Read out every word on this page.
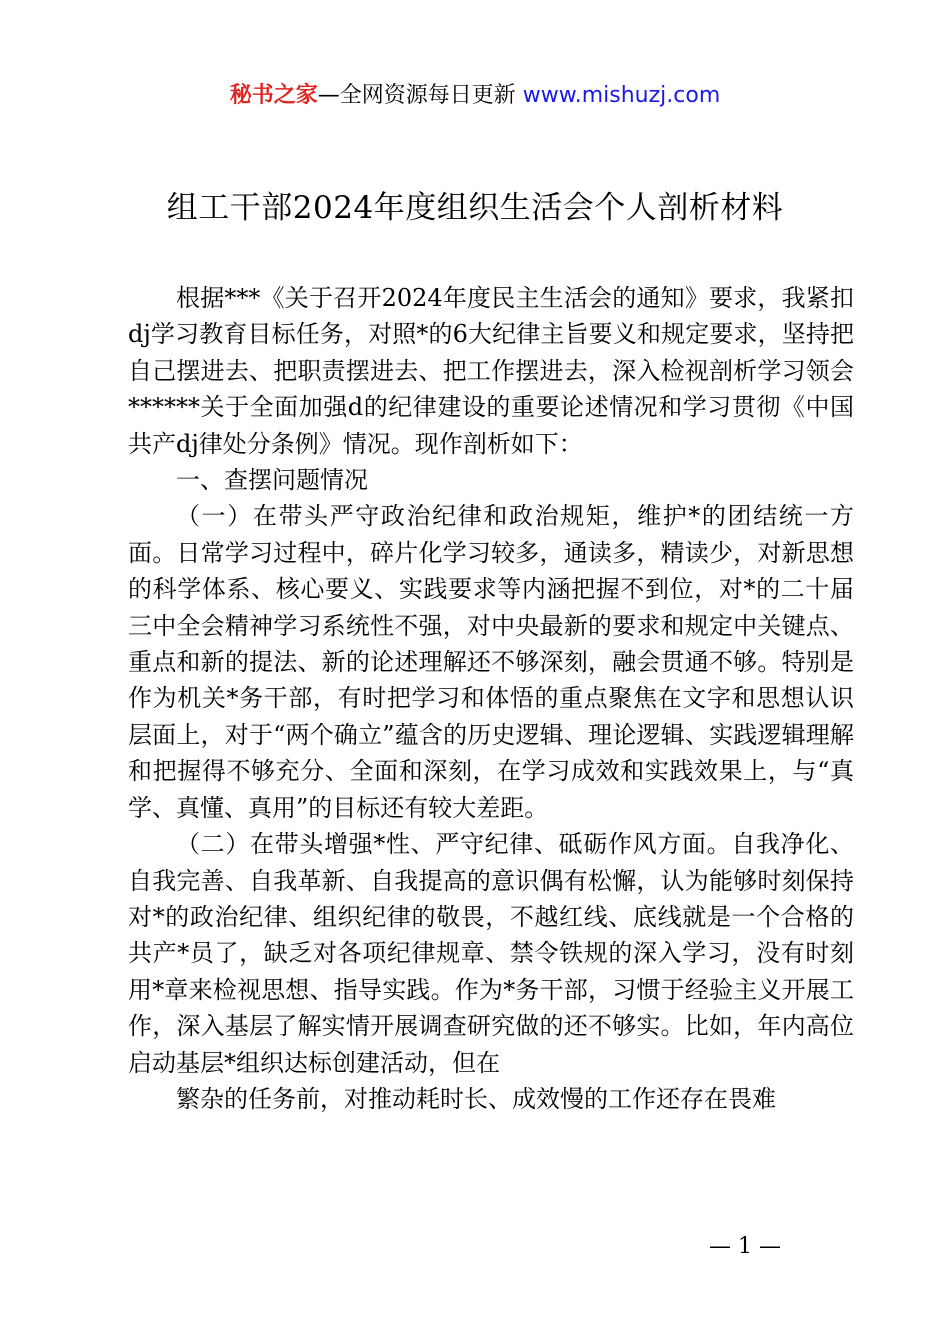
秘书之家—全网资源每日更新 www.mishuzj.com
组工干部2024年度组织生活会个人剖析材料

根据***《关于召开2024年度民主生活会的通知》要求，我紧扣dj学习教育目标任务，对照*的6大纪律主旨要义和规定要求，坚持把自己摆进去、把职责摆进去、把工作摆进去，深入检视剖析学习领会******关于全面加强d的纪律建设的重要论述情况和学习贯彻《中国共产dj律处分条例》情况。现作剖析如下：

一、查摆问题情况

（一）在带头严守政治纪律和政治规矩，维护*的团结统一方面。日常学习过程中，碎片化学习较多，通读多，精读少，对新思想的科学体系、核心要义、实践要求等内涵把握不到位，对*的二十届三中全会精神学习系统性不强，对中央最新的要求和规定中关键点、重点和新的提法、新的论述理解还不够深刻，融会贯通不够。特别是作为机关*务干部，有时把学习和体悟的重点聚焦在文字和思想认识层面上，对于“两个确立”蕴含的历史逻辑、理论逻辑、实践逻辑理解和把握得不够充分、全面和深刻，在学习成效和实践效果上，与“真学、真懂、真用”的目标还有较大差距。

（二）在带头增强*性、严守纪律、砥砺作风方面。自我净化、自我完善、自我革新、自我提高的意识偶有松懈，认为能够时刻保持对*的政治纪律、组织纪律的敬畏，不越红线、底线就是一个合格的共产*员了，缺乏对各项纪律规章、禁令铁规的深入学习，没有时刻用*章来检视思想、指导实践。作为*务干部，习惯于经验主义开展工作，深入基层了解实情开展调查研究做的还不够实。比如，年内高位启动基层*组织达标创建活动，但在

繁杂的任务前，对推动耗时长、成效慢的工作还存在畏难

— 1 —
